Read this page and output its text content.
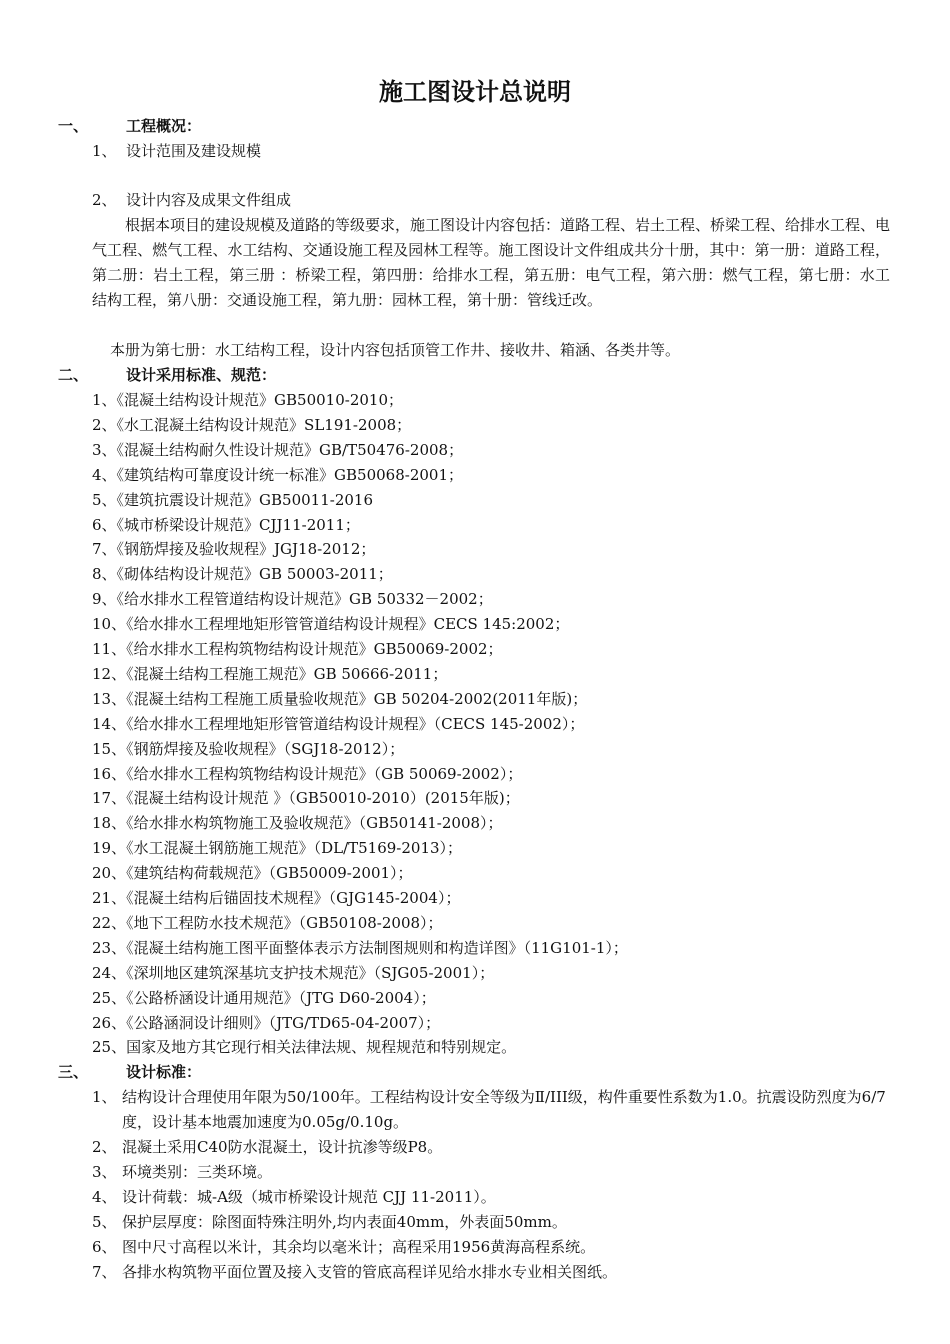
施工图设计总说明
一、	工程概况：
1、 设计范围及建设规模
2、 设计内容及成果文件组成
根据本项目的建设规模及道路的等级要求，施工图设计内容包括：道路工程、岩土工程、桥梁工程、给排水工程、电气工程、燃气工程、水工结构、交通设施工程及园林工程等。施工图设计文件组成共分十册，其中：第一册：道路工程，第二册：岩土工程，第三册 ：桥梁工程，第四册：给排水工程，第五册：电气工程，第六册：燃气工程，第七册：水工结构工程，第八册：交通设施工程，第九册：园林工程，第十册：管线迁改。
本册为第七册：水工结构工程，设计内容包括顶管工作井、接收井、箱涵、各类井等。
二、	设计采用标准、规范：
1、《混凝土结构设计规范》GB50010-2010；
2、《水工混凝土结构设计规范》SL191-2008；
3、《混凝土结构耐久性设计规范》GB/T50476-2008；
4、《建筑结构可靠度设计统一标准》GB50068-2001；
5、《建筑抗震设计规范》GB50011-2016
6、《城市桥梁设计规范》CJJ11-2011；
7、《钢筋焊接及验收规程》JGJ18-2012；
8、《砌体结构设计规范》GB 50003-2011；
9、《给水排水工程管道结构设计规范》GB 50332－2002；
10、《给水排水工程埋地矩形管管道结构设计规程》CECS 145:2002；
11、《给水排水工程构筑物结构设计规范》GB50069-2002；
12、《混凝土结构工程施工规范》GB 50666-2011；
13、《混凝土结构工程施工质量验收规范》GB 50204-2002(2011年版)；
14、《给水排水工程埋地矩形管管道结构设计规程》（CECS 145-2002）；
15、《钢筋焊接及验收规程》（SGJ18-2012）；
16、《给水排水工程构筑物结构设计规范》（GB 50069-2002）；
17、《混凝土结构设计规范 》（GB50010-2010）(2015年版)；
18、《给水排水构筑物施工及验收规范》（GB50141-2008）；
19、《水工混凝土钢筋施工规范》（DL/T5169-2013）；
20、《建筑结构荷载规范》（GB50009-2001）；
21、《混凝土结构后锚固技术规程》（GJG145-2004）；
22、《地下工程防水技术规范》（GB50108-2008）；
23、《混凝土结构施工图平面整体表示方法制图规则和构造详图》（11G101-1）；
24、《深圳地区建筑深基坑支护技术规范》（SJG05-2001）；
25、《公路桥涵设计通用规范》（JTG D60-2004）；
26、《公路涵洞设计细则》（JTG/TD65-04-2007）；
25、国家及地方其它现行相关法律法规、规程规范和特别规定。
三、	设计标准：
1、 结构设计合理使用年限为50/100年。工程结构设计安全等级为Ⅱ/III级，构件重要性系数为1.0。抗震设防烈度为6/7度，设计基本地震加速度为0.05g/0.10g。
2、 混凝土采用C40防水混凝土，设计抗渗等级P8。
3、 环境类别：三类环境。
4、 设计荷载：城-A级（城市桥梁设计规范 CJJ 11-2011）。
5、 保护层厚度：除图面特殊注明外,均内表面40mm，外表面50mm。
6、 图中尺寸高程以米计，其余均以毫米计；高程采用1956黄海高程系统。
7、 各排水构筑物平面位置及接入支管的管底高程详见给水排水专业相关图纸。
